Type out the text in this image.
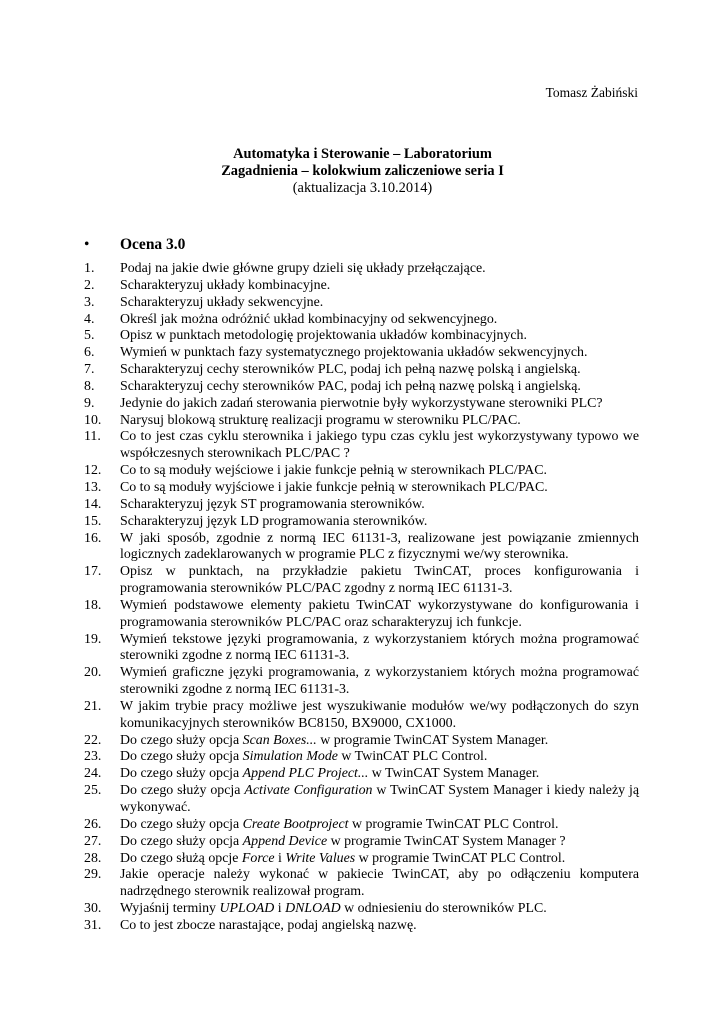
Tomasz Żabiński
Automatyka i Sterowanie – Laboratorium
Zagadnienia – kolokwium zaliczeniowe seria I
(aktualizacja 3.10.2014)
• Ocena 3.0
1.	Podaj na jakie dwie główne grupy dzieli się układy przełączające.
2.	Scharakteryzuj układy kombinacyjne.
3.	Scharakteryzuj układy sekwencyjne.
4.	Określ jak można odróżnić układ kombinacyjny od sekwencyjnego.
5.	Opisz w punktach metodologię projektowania układów kombinacyjnych.
6.	Wymień w punktach fazy systematycznego projektowania układów sekwencyjnych.
7.	Scharakteryzuj cechy sterowników PLC, podaj ich pełną nazwę polską i angielską.
8.	Scharakteryzuj cechy sterowników PAC, podaj ich pełną nazwę polską i angielską.
9.	Jedynie do jakich zadań sterowania pierwotnie były wykorzystywane sterowniki PLC?
10.	Narysuj blokową strukturę realizacji programu w sterowniku PLC/PAC.
11.	Co to jest czas cyklu sterownika i jakiego typu czas cyklu jest wykorzystywany typowo we współczesnych sterownikach PLC/PAC ?
12.	Co to są moduły wejściowe i jakie funkcje pełnią w sterownikach PLC/PAC.
13.	Co to są moduły wyjściowe i jakie funkcje pełnią w sterownikach PLC/PAC.
14.	Scharakteryzuj język ST programowania sterowników.
15.	Scharakteryzuj język LD programowania sterowników.
16.	W jaki sposób, zgodnie z normą IEC 61131-3, realizowane jest powiązanie zmiennych logicznych zadeklarowanych w programie PLC z fizycznymi we/wy sterownika.
17.	Opisz w punktach, na przykładzie pakietu TwinCAT, proces konfigurowania i programowania sterowników PLC/PAC zgodny z normą IEC 61131-3.
18.	Wymień podstawowe elementy pakietu TwinCAT wykorzystywane do konfigurowania i programowania sterowników PLC/PAC oraz scharakteryzuj ich funkcje.
19.	Wymień tekstowe języki programowania, z wykorzystaniem których można programować sterowniki zgodne z normą IEC 61131-3.
20.	Wymień graficzne języki programowania, z wykorzystaniem których można programować sterowniki zgodne z normą IEC 61131-3.
21.	W jakim trybie pracy możliwe jest wyszukiwanie modułów we/wy podłączonych do szyn komunikacyjnych sterowników BC8150, BX9000, CX1000.
22.	Do czego służy opcja Scan Boxes... w programie TwinCAT System Manager.
23.	Do czego służy opcja Simulation Mode w TwinCAT PLC Control.
24.	Do czego służy opcja Append PLC Project... w TwinCAT System Manager.
25.	Do czego służy opcja Activate Configuration w TwinCAT System Manager i kiedy należy ją wykonywać.
26.	Do czego służy opcja Create Bootproject w programie TwinCAT PLC Control.
27.	Do czego służy opcja Append Device w programie TwinCAT System Manager ?
28.	Do czego służą opcje Force i Write Values w programie TwinCAT PLC Control.
29.	Jakie operacje należy wykonać w pakiecie TwinCAT, aby po odłączeniu komputera nadrzędnego sterownik realizował program.
30.	Wyjaśnij terminy UPLOAD i DNLOAD w odniesieniu do sterowników PLC.
31.	Co to jest zbocze narastające, podaj angielską nazwę.
